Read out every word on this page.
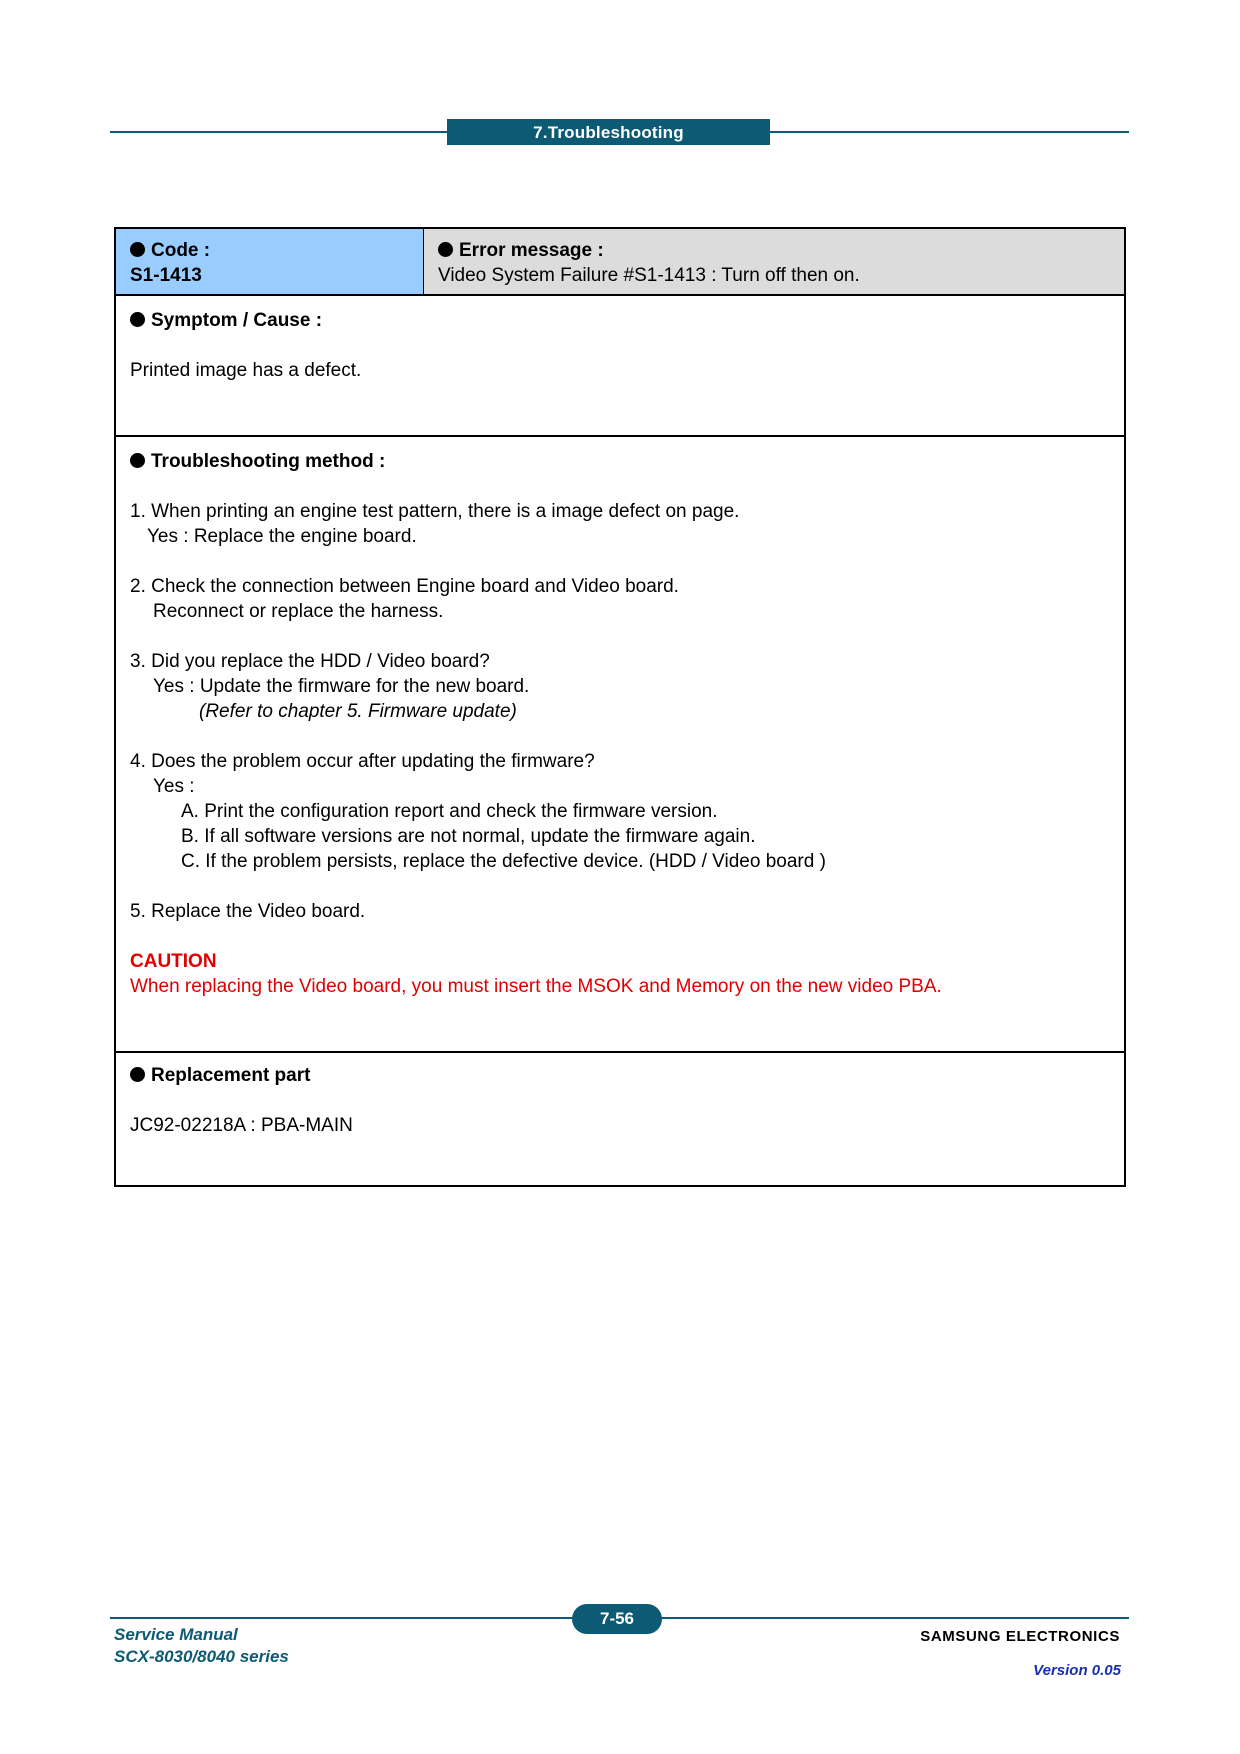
7.Troubleshooting
Code :
S1-1413
Error message :
Video System Failure #S1-1413 : Turn off then on.
Symptom / Cause :
Printed image has a defect.
Troubleshooting method :
1. When printing an engine test pattern, there is a image defect on page.
Yes : Replace the engine board.
2. Check the connection between Engine board and Video board.
Reconnect or replace the harness.
3. Did you replace the HDD / Video board?
Yes : Update the firmware for the new board.
(Refer to chapter 5. Firmware update)
4. Does the problem occur after updating the firmware?
Yes :
A. Print the configuration report and check the firmware version.
B. If all software versions are not normal, update the firmware again.
C. If the problem persists, replace the defective device. (HDD / Video board )
5. Replace the Video board.
CAUTION
When replacing the Video board, you must insert the MSOK and Memory on the new video PBA.
Replacement part
JC92-02218A : PBA-MAIN
7-56
Service Manual
SCX-8030/8040 series
SAMSUNG ELECTRONICS
Version 0.05
